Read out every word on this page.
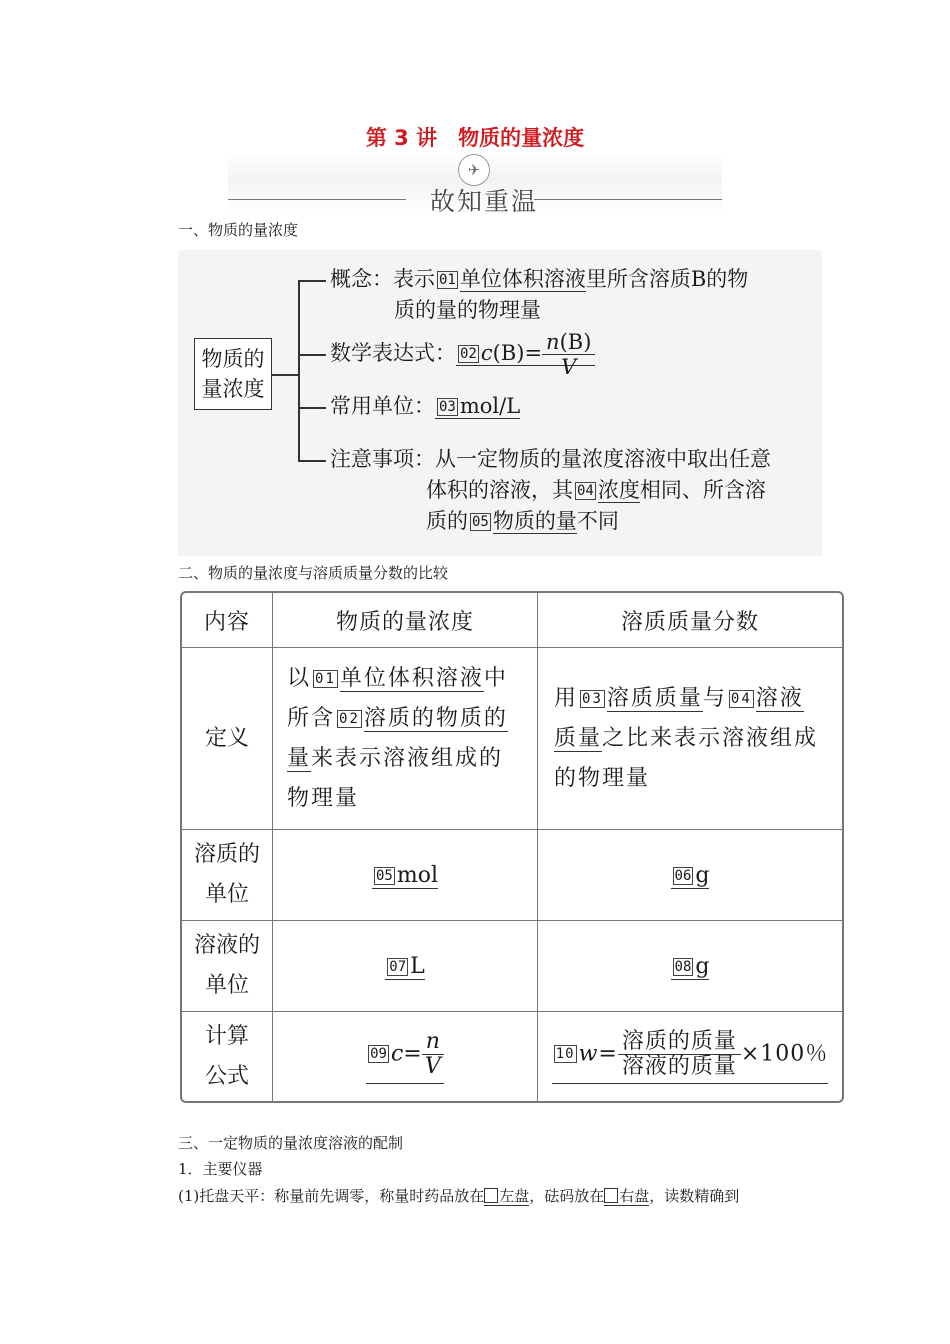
第 3 讲　物质的量浓度
✈
故知重温
一、物质的量浓度
物质的
量浓度
概念：表示 01 单位体积溶液里所含溶质B的物
质的量的物理量
数学表达式： 02 $c(B)= \frac{n(B)}{V}$
常用单位： 03 mol/L
注意事项：从一定物质的量浓度溶液中取出任意
体积的溶液，其 04 浓度相同、所含溶
质的 05 物质的量不同
二、物质的量浓度与溶质质量分数的比较
内容	物质的量浓度	溶质质量分数
定义	以 01 单位体积溶液中所含 02 溶质的物质的量来表示溶液组成的物理量	用 03 溶质质量与 04 溶液质量之比来表示溶液组成的物理量
溶质的
单位	05 mol	06 g
溶液的
单位	07 L	08 g
计算
公式	09 $c= \frac{n}{V}$	10 $w= \frac{\text{溶质的质量}}{\text{溶液的质量}} \times 100$％
三、一定物质的量浓度溶液的配制
1．主要仪器
(1)托盘天平：称量前先调零，称量时药品放在 左盘，砝码放在 右盘，读数精确到
